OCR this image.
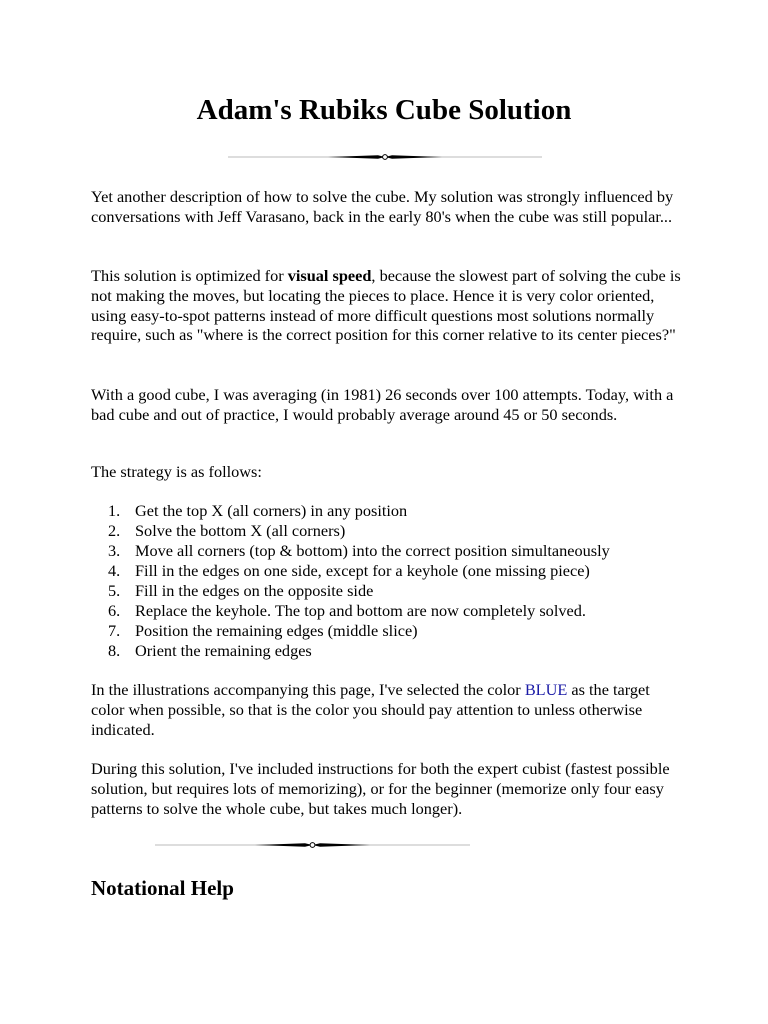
Adam's Rubiks Cube Solution

Yet another description of how to solve the cube. My solution was strongly influenced by conversations with Jeff Varasano, back in the early 80's when the cube was still popular...

This solution is optimized for visual speed, because the slowest part of solving the cube is not making the moves, but locating the pieces to place. Hence it is very color oriented, using easy-to-spot patterns instead of more difficult questions most solutions normally require, such as "where is the correct position for this corner relative to its center pieces?"

With a good cube, I was averaging (in 1981) 26 seconds over 100 attempts. Today, with a bad cube and out of practice, I would probably average around 45 or 50 seconds.

The strategy is as follows:

1. Get the top X (all corners) in any position
2. Solve the bottom X (all corners)
3. Move all corners (top & bottom) into the correct position simultaneously
4. Fill in the edges on one side, except for a keyhole (one missing piece)
5. Fill in the edges on the opposite side
6. Replace the keyhole. The top and bottom are now completely solved.
7. Position the remaining edges (middle slice)
8. Orient the remaining edges

In the illustrations accompanying this page, I've selected the color BLUE as the target color when possible, so that is the color you should pay attention to unless otherwise indicated.

During this solution, I've included instructions for both the expert cubist (fastest possible solution, but requires lots of memorizing), or for the beginner (memorize only four easy patterns to solve the whole cube, but takes much longer).

Notational Help
